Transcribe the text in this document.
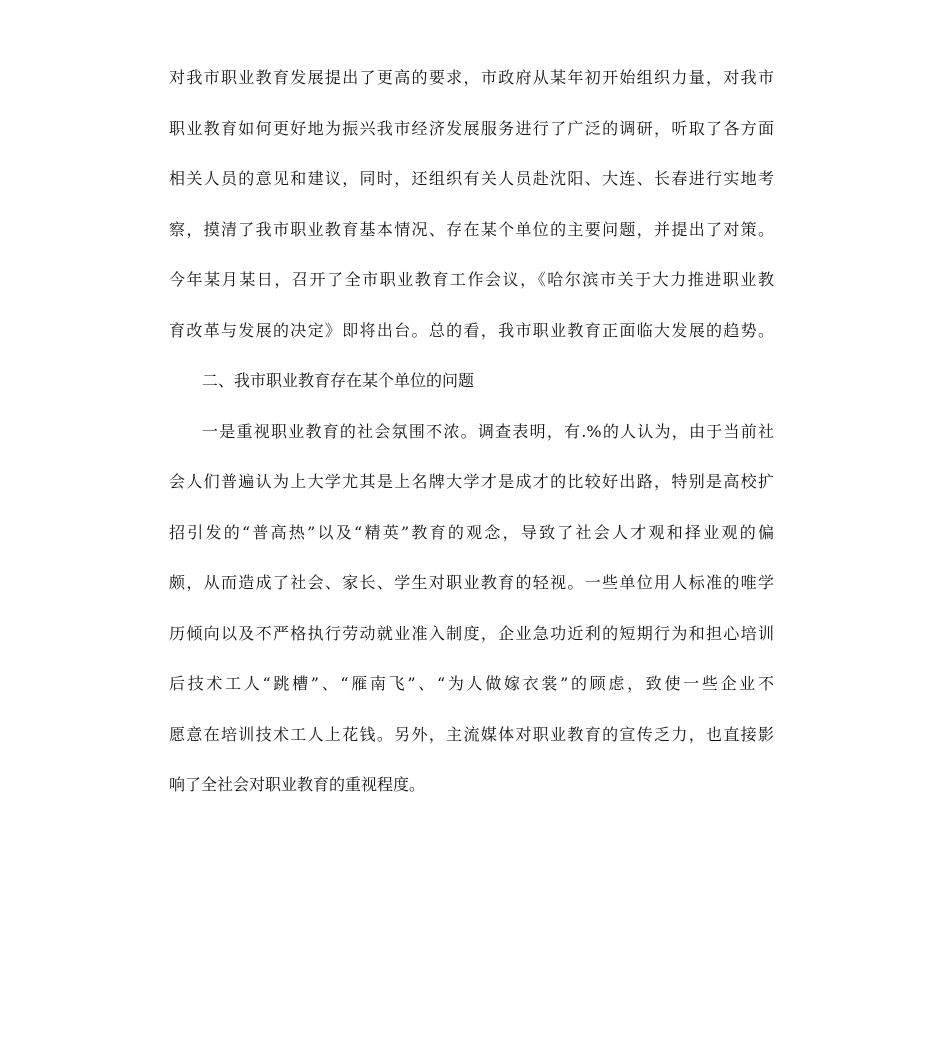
对我市职业教育发展提出了更高的要求，市政府从某年初开始组织力量，对我市
职业教育如何更好地为振兴我市经济发展服务进行了广泛的调研，听取了各方面
相关人员的意见和建议，同时，还组织有关人员赴沈阳、大连、长春进行实地考
察，摸清了我市职业教育基本情况、存在某个单位的主要问题，并提出了对策。
今年某月某日，召开了全市职业教育工作会议，《哈尔滨市关于大力推进职业教
育改革与发展的决定》即将出台。总的看，我市职业教育正面临大发展的趋势。
二、我市职业教育存在某个单位的问题
一是重视职业教育的社会氛围不浓。调查表明，有.%的人认为，由于当前社
会人们普遍认为上大学尤其是上名牌大学才是成才的比较好出路，特别是高校扩
招引发的“普高热”以及“精英”教育的观念，导致了社会人才观和择业观的偏
颇，从而造成了社会、家长、学生对职业教育的轻视。一些单位用人标准的唯学
历倾向以及不严格执行劳动就业准入制度，企业急功近利的短期行为和担心培训
后技术工人“跳槽”、“雁南飞”、“为人做嫁衣裳”的顾虑，致使一些企业不
愿意在培训技术工人上花钱。另外，主流媒体对职业教育的宣传乏力，也直接影
响了全社会对职业教育的重视程度。
